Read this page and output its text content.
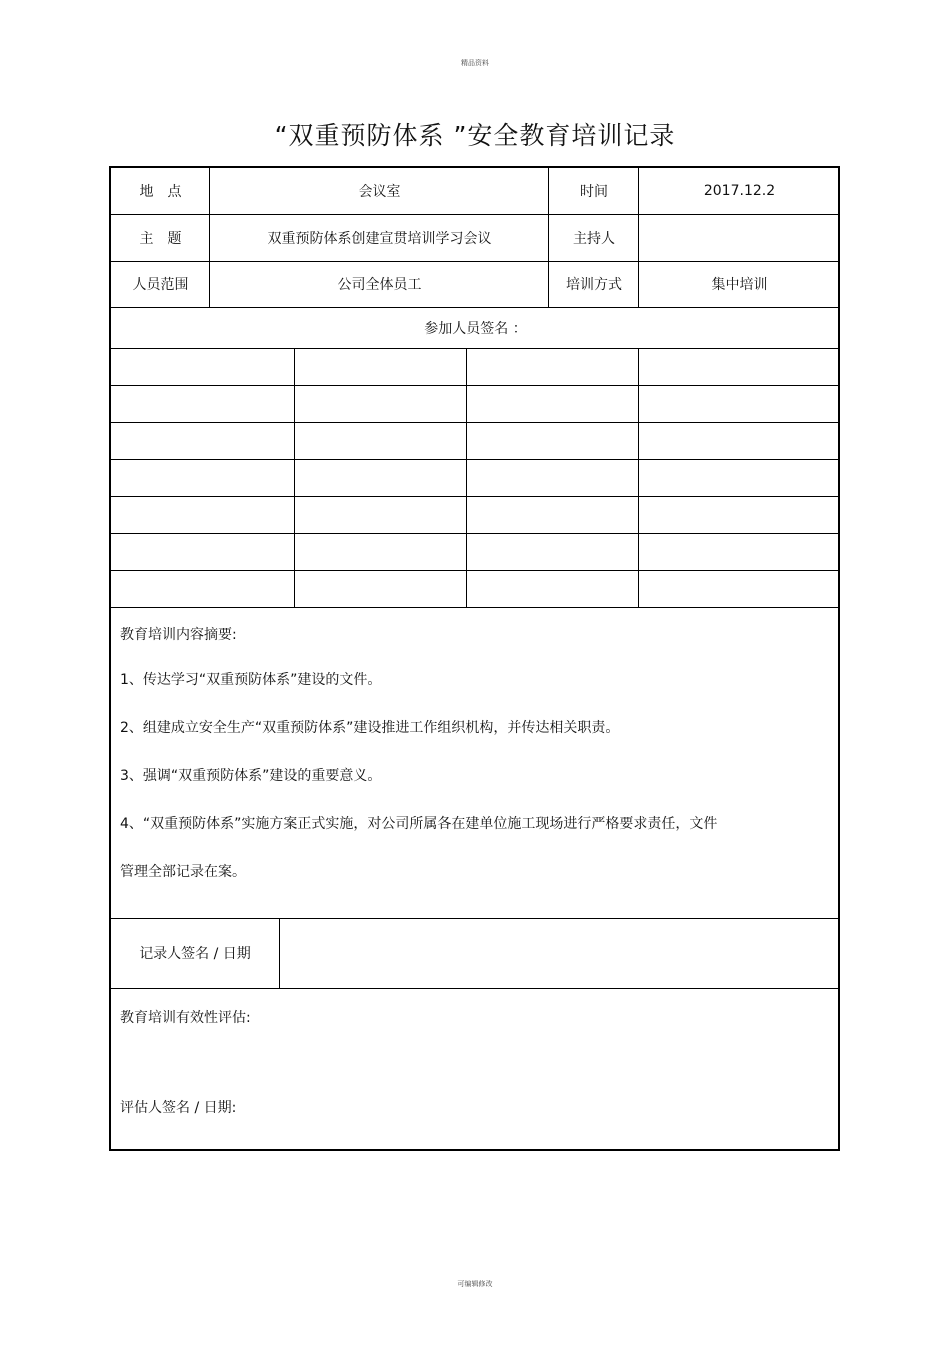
精品资料
“双重预防体系 ”安全教育培训记录
地　点	会议室	时间	2017.12.2
主　题	双重预防体系创建宣贯培训学习会议	主持人
人员范围	公司全体员工	培训方式	集中培训
参加人员签名 ：
教育培训内容摘要:
1、传达学习“双重预防体系”建设的文件。
2、组建成立安全生产“双重预防体系”建设推进工作组织机构，并传达相关职责。
3、强调“双重预防体系”建设的重要意义。
4、“双重预防体系”实施方案正式实施，对公司所属各在建单位施工现场进行严格要求责任，文件
管理全部记录在案。
记录人签名 / 日期
教育培训有效性评估:
评估人签名 / 日期:
可编辑修改
